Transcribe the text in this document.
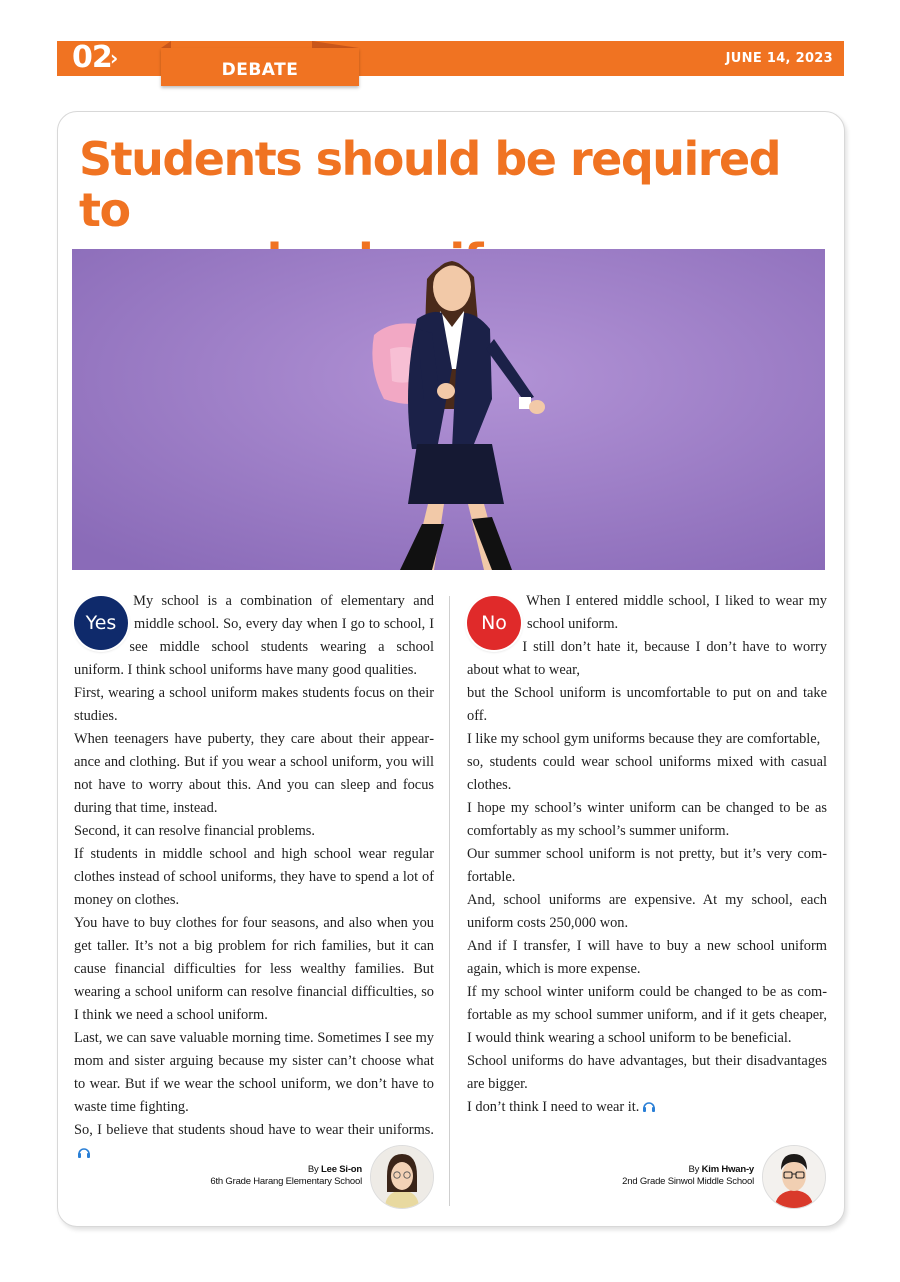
02
›	DEBATE
JUNE 14, 2023
Students should be required to

Yes

My school is a combination of elementary and middle school. So, every day when I go to school, I see middle school students wearing a school uniform. I think school uniforms have many good qualities.

First, wearing a school uniform makes students focus on their studies.

When teenagers have puberty, they care about their appearance and clothing. But if you wear a school uniform, you will not have to worry about this. And you can sleep and focus during that time, instead.

Second, it can resolve financial problems.

If students in middle school and high school wear regular clothes instead of school uniforms, they have to spend a lot of money on clothes.

You have to buy clothes for four seasons, and also when you get taller. It’s not a big problem for rich families, but it can cause financial difficulties for less wealthy families. But wearing a school uniform can resolve financial difficulties, so I think we need a school uniform.

Last, we can save valuable morning time. Sometimes I see my mom and sister arguing because my sister can’t choose what to wear. But if we wear the school uniform, we don’t have to waste time fighting.

So, I believe that students shoud have to wear their uniforms.

No

When I entered middle school, I liked to wear my school uniform.

I still don’t hate it, because I don’t have to worry about what to wear,

but the School uniform is uncomfortable to put on and take off.

I like my school gym uniforms because they are comfortable,

so, students could wear school uniforms mixed with casual clothes.

I hope my school’s winter uniform can be changed to be as comfortably as my school’s summer uniform.

Our summer school uniform is not pretty, but it’s very comfortable.

And, school uniforms are expensive. At my school, each uniform costs 250,000 won.

And if I transfer, I will have to buy a new school uniform again, which is more expense.

If my school winter uniform could be changed to be as comfortable as my school summer uniform, and if it gets cheaper, I would think wearing a school uniform to be beneficial.

School uniforms do have advantages, but their disadvantages are bigger.

I don’t think I need to wear it.

By Lee Si-on
6th Grade Harang Elementary School
By Kim Hwan-y
2nd Grade Sinwol Middle School
